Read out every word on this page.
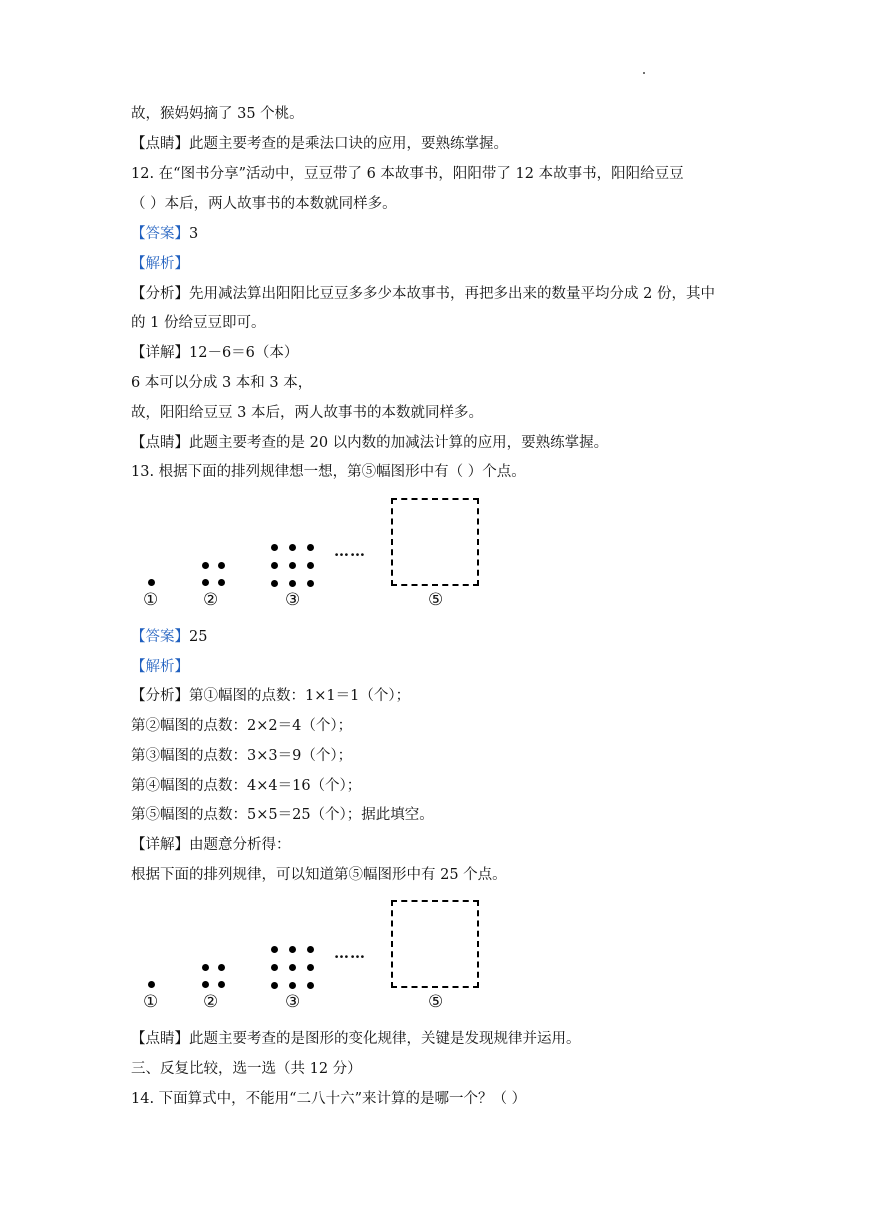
故，猴妈妈摘了 35 个桃。
【点睛】此题主要考查的是乘法口诀的应用，要熟练掌握。
12. 在“图书分享”活动中，豆豆带了 6 本故事书，阳阳带了 12 本故事书，阳阳给豆豆
（ ）本后，两人故事书的本数就同样多。
【答案】3
【解析】
【分析】先用减法算出阳阳比豆豆多多少本故事书，再把多出来的数量平均分成 2 份，其中
的 1 份给豆豆即可。
【详解】12－6＝6（本）
6 本可以分成 3 本和 3 本，
故，阳阳给豆豆 3 本后，两人故事书的本数就同样多。
【点睛】此题主要考查的是 20 以内数的加减法计算的应用，要熟练掌握。
13. 根据下面的排列规律想一想，第⑤幅图形中有（ ）个点。
【答案】25
【解析】
【分析】第①幅图的点数：1×1＝1（个）；
第②幅图的点数：2×2＝4（个）；
第③幅图的点数：3×3＝9（个）；
第④幅图的点数：4×4＝16（个）；
第⑤幅图的点数：5×5＝25（个）；据此填空。
【详解】由题意分析得：
根据下面的排列规律，可以知道第⑤幅图形中有 25 个点。
【点睛】此题主要考查的是图形的变化规律，关键是发现规律并运用。
三、反复比较，选一选（共 12 分）
14. 下面算式中，不能用“二八十六”来计算的是哪一个？（ ）
……
①	②	③	⑤
……
①	②	③	⑤
